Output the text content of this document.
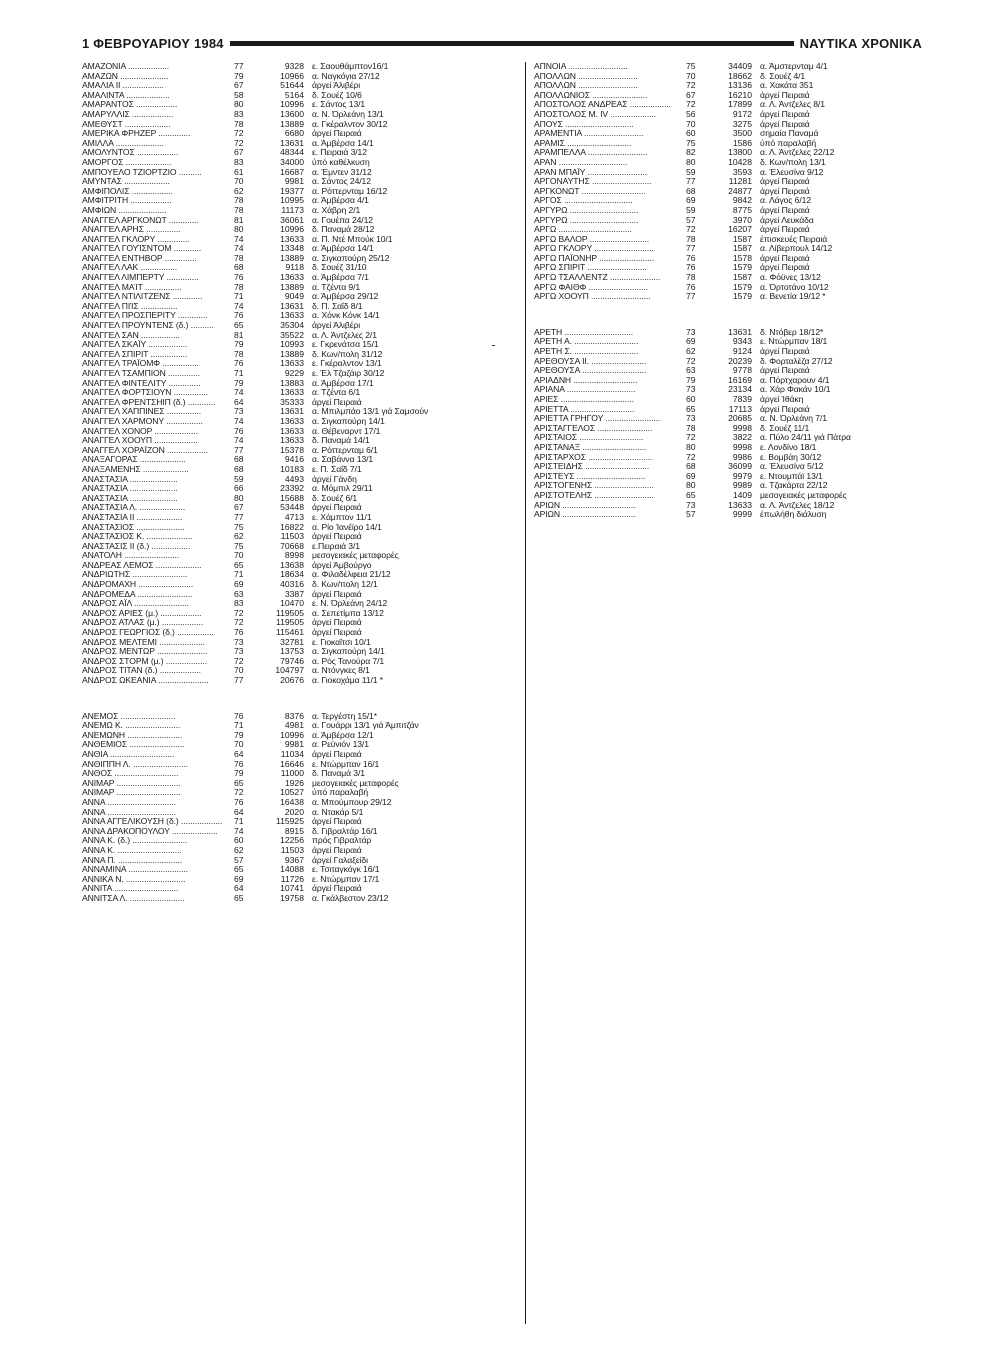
1 ΦΕΒΡΟΥΑΡΙΟΥ 1984	ΝΑΥΤΙΚΑ ΧΡΟΝΙΚΑ
ΑΜΑΖΟΝΙΑ ..................	77	9328 ε. Σαουθάμπτον16/1
ΑΜΑΖΩΝ .....................	79	10966 α. Ναγκόγια 27/12
ΑΜΑΛΙΑ ΙΙ ..................	67	51644 άργεί Άλιβέρι
ΑΜΑΛΙΝΤΑ ...................	58	5164 δ. Σουέζ 10/6
ΑΜΑΡΑΝΤΟΣ ..................	80	10996 ε. Σάντος 13/1
ΑΜΑΡΥΛΛΙΣ ..................	83	13600 α. Ν. Όρλεάνη 13/1
ΑΜΕΘΥΣΤ ....................	78	13889 α. Γκέραλντον 30/12
ΑΜΕΡΙΚΑ ΦΡΗΖΕΡ ..............	72	6680 άργεί Πειραιά
ΑΜΙΛΛΑ .....................	72	13631 α. Άμβέρσα 14/1
ΑΜΟΛΥΝΤΟΣ ..................	67	48344 ε. Πειραιά 3/12
ΑΜΟΡΓΟΣ ....................	83	34000 ύπό καθέλκυση
ΑΜΠΟΥΕΛΟ ΤΖΙΟΡΤΖΙΟ ..........	61	16687 α. Έμντεν 31/12
ΑΜΥΝΤΑΣ ....................	70	9981 α. Σάντος 24/12
ΑΜΦΙΠΟΛΙΣ ..................	62	19377 α. Ρόττερνταμ 16/12
ΑΜΦΙΤΡΙΤΗ ..................	78	10995 α. Άμβέρσα 4/1
ΑΜΦΙΩΝ .....................	78	11173 α. Χάβρη 2/1
ΑΝΑΓΓΕΛ ΑΡΓΚΟΝΩΤ .............	81	36061 α. Γουέπα 24/12
ΑΝΑΓΓΕΛ ΑΡΗΣ ...............	80	10996 δ. Παναμά 28/12
ΑΝΑΓΓΕΛ ΓΚΛΟΡΥ ..............	74	13633 α. Π. Ντέ Μπούκ 10/1
ΑΝΑΓΓΕΛ ΓΟΥΊΣΝΤΟΜ ............	74	13348 α. Άμβέρσα 14/1
ΑΝΑΓΓΕΛ ΕΝΤΗΒΟΡ ..............	78	13889 α. Σιγκαπούρη 25/12
ΑΝΑΓΓΕΛ ΛΑΚ ................	68	9118 δ. Σουέζ 31/10
ΑΝΑΓΓΕΛ ΛΙΜΠΕΡΤΥ ..............	76	13633 α. Άμβέρσα 7/1
ΑΝΑΓΓΕΛ ΜΑΊΤ ................	78	13889 α. Τζέντα 9/1
ΑΝΑΓΓΕΛ ΝΤΙΛΙΤΖΕΝΣ .............	71	9049 α. Άμβέρσα 29/12
ΑΝΑΓΓΕΛ ΠΙΊΣ ................	74	13631 δ. Π. Σαΐδ 8/1
ΑΝΑΓΓΕΛ ΠΡΟΣΠΕΡΙΤΥ .............	76	13633 α. Χόνκ Κόνκ 14/1
ΑΝΑΓΓΕΛ ΠΡΟΥΝΤΕΝΣ (δ.) ..........	65	35304 άργεί Άλιβέρι
ΑΝΑΓΓΕΛ ΣΑΝ .................	81	35522 α. Λ. Άντζελες 2/1
ΑΝΑΓΓΕΛ ΣΚΑΪΥ .................	79	10993 ε. Γκρενάτσα 15/1
ΑΝΑΓΓΕΛ ΣΠΙΡΙΤ ................	78	13889 δ. Κων/πολη 31/12
ΑΝΑΓΓΕΛ ΤΡΑΪΟΜΦ ................	76	13633 ε. Γκέραλντον 13/1
ΑΝΑΓΓΕΛ ΤΣΑΜΠΙΟΝ ..............	71	9229 ε. Έλ Τζαζάιρ 30/12
ΑΝΑΓΓΕΛ ΦΙΝΤΕΛΙΤΥ ..............	79	13883 α. Άμβέρσα 17/1
ΑΝΑΓΓΕΛ ΦΟΡΤΣΙΟΥΝ ...............	74	13633 α. Τζέντα 6/1
ΑΝΑΓΓΕΛ ΦΡΕΝΤΣΗΙΠ (δ.) ............	64	35333 άργεί Πειραιά
ΑΝΑΓΓΕΛ ΧΑΠΠΙΝΕΣ ...............	73	13631 α. Μπιλμπάο 13/1 γιά Σαμσούν
ΑΝΑΓΓΕΛ ΧΑΡΜΟΝΥ ................	74	13633 α. Σιγκαπούρη 14/1
ΑΝΑΓΓΕΛ ΧΟΝΟΡ ...................	76	13633 α. Θέβεναρντ 17/1
ΑΝΑΓΓΕΛ ΧΟΟΥΠ ...................	74	13633 δ. Παναμά 14/1
ΑΝΑΓΓΕΛ ΧΟΡΑΪΖΟΝ ..................	77	15378 α. Ρόττερνταμ 6/1
ΑΝΑΞΑΓΟΡΑΣ ....................	68	9416 α. Σαβάννα 13/1
ΑΝΑΞΑΜΕΝΗΣ ....................	68	10183 ε. Π. Σαΐδ 7/1
ΑΝΑΣΤΑΣΙΑ .....................	59	4493 άργεί Γάνδη
ΑΝΑΣΤΑΣΙΑ .....................	66	23392 α. Μόμπιλ 29/11
ΑΝΑΣΤΑΣΙΑ .....................	80	15688 δ. Σουέζ 6/1
ΑΝΑΣΤΑΣΙΑ Λ. ....................	67	53448 άργεί Πειραιά
ΑΝΑΣΤΑΣΙΑ ΙΙ ....................	77	4713 ε. Χάμπτον 11/1
ΑΝΑΣΤΑΣΙΟΣ .....................	75	16822 α. Ρίο Ίανέϊρο 14/1
ΑΝΑΣΤΑΣΙΟΣ Κ. ....................	62	11503 άργεί Πειραιά
ΑΝΑΣΤΑΣΙΣ ΙΙ (δ.) .................	75	70668 ε.Πειραιά 3/1
ΑΝΑΤΟΛΗ ........................	70	8998 μεσογειακές μεταφορές
ΑΝΔΡΕΑΣ ΛΕΜΟΣ ....................	65	13638 άργεί Άμβούργο
ΑΝΔΡΙΩΤΗΣ ........................	71	18634 α. Φιλαδέλφεια 21/12
ΑΝΔΡΟΜΑΧΗ ........................	69	40316 δ. Κων/πολη 12/1
ΑΝΔΡΟΜΕΔΑ ........................	63	3387 άργεί Πειραιά
ΑΝΔΡΟΣ ΑΪΛ ........................	83	10470 ε. Ν. Όρλεάνη 24/12
ΑΝΔΡΟΣ ΑΡΙΕΣ (μ.) ..................	72	119505 α. Σεπετίμπα 13/12
ΑΝΔΡΟΣ ΑΤΛΑΣ (μ.) ..................	72	119505 άργεί Πειραιά
ΑΝΔΡΟΣ ΓΕΩΡΓΙΟΣ (δ.) ................	76	115461 άργεί Πειραιά
ΑΝΔΡΟΣ ΜΕΛΤΕΜΙ ....................	73	32781 ε. Γιοκαΐτσι 10/1
ΑΝΔΡΟΣ ΜΕΝΤΩΡ ......................	73	13753 α. Σιγκαπούρη 14/1
ΑΝΔΡΟΣ ΣΤΟΡΜ (μ.) ..................	72	79746 α. Ρός Τανούρα 7/1
ΑΝΔΡΟΣ ΤΙΤΑΝ (δ.) ..................	70	104797 α. Ντόνγκες 8/1
ΑΝΔΡΟΣ ΩΚΕΑΝΙΑ ......................	77	20676 α. Γιοκοχάμα 11/1 *
ΑΝΕΜΟΣ ........................	76	8376 α. Τεργέστη 15/1*
ΑΝΕΜΩ Κ. ........................	71	4981 α. Γουάρρι 13/1 γιά Άμπιτζάν
ΑΝΕΜΩΝΗ ........................	79	10996 α. Άμβέρσα 12/1
ΑΝΘΕΜΙΟΣ ........................	70	9981 α. Ρεϋνιόν 13/1
ΑΝΘΙΑ ............................	64	11034 άργεί Πειραιά
ΑΝΘΙΠΠΗ Λ. ........................	76	16646 ε. Ντώρμπαν 16/1
ΑΝΘΟΣ ............................	79	11000 δ. Παναμά 3/1
ΑΝΙΜΑΡ ............................	65	1926 μεσογειακές μεταφορές
ΑΝΙΜΑΡ ............................	72	10527 ύπό παραλαβή
ΑΝΝΑ ..............................	76	16438 α. Μπούμπουρ 29/12
ΑΝΝΑ ..............................	64	2020 α. Ντακάρ 5/1
ΑΝΝΑ ΑΓΓΕΛΙΚΟΥΣΗ (δ.) ..................	71	115925 άργεί Πειραιά
ΑΝΝΑ ΔΡΑΚΟΠΟΥΛΟΥ ....................	74	8915 δ. Γιβραλτάρ 16/1
ΑΝΝΑ Κ. (δ.) ........................	60	12256 πρός Γιβραλτάρ
ΑΝΝΑ Κ. ............................	62	11503 άργεί Πειραιά
ΑΝΝΑ Π. ............................	57	9367 άργεί Γαλαξείδι
ΑΝΝΑΜΙΝΑ ..........................	65	14088 ε. Τσιταγκόγκ 16/1
ΑΝΝΙΚΑ Ν. ..........................	69	11726 ε. Ντώρμπαν 17/1
ΑΝΝΙΤΑ ............................	64	10741 άργεί Πειραιά
ΑΝΝΙΤΣΑ Λ. ........................	65	19758 α. Γκάλβεστον 23/12
ΑΠΝΟΙΑ ..........................	75	34409 α. Άμστερνταμ 4/1
ΑΠΟΛΛΩΝ ..........................	70	18662 δ. Σουέζ 4/1
ΑΠΟΛΛΩΝ ..........................	72	13136 α. Χακάτα 351
ΑΠΟΛΛΩΝΙΟΣ ........................	67	16210 άργεί Πειραιά
ΑΠΟΣΤΟΛΟΣ ΑΝΔΡΕΑΣ ..................	72	17899 α. Λ. Άντζελες 8/1
ΑΠΟΣΤΟΛΟΣ Μ. ΙV ....................	56	9172 άργεί Πειραιά
ΑΠΟΥΣ ..............................	70	3275 άργεί Πειραιά
ΑΡΑΜΕΝΤΙΑ ..........................	60	3500 σημαία Παναμά
ΑΡΑΜΙΣ ............................	75	1586 ύπό παραλαβή
ΑΡΑΜΠΕΛΛΑ ..........................	82	13800 α. Λ. Άντζελες 22/12
ΑΡΑΝ ..............................	80	10428 δ. Κων/πολη 13/1
ΑΡΑΝ ΜΠΑΪΥ ..........................	59	3593 α. Έλευσίνα 9/12
ΑΡΓΟΝΑΥΤΗΣ ..........................	77	11281 άργεί Πειραιά
ΑΡΓΚΟΝΩΤ ............................	68	24877 άργεί Πειραιά
ΑΡΓΟΣ ..............................	69	9842 α. Λάγος 6/12
ΑΡΓΥΡΩ ..............................	59	8775 άργεί Πειραιά
ΑΡΓΥΡΩ ..............................	57	3970 άργεί Λευκάδα
ΑΡΓΩ ................................	72	16207 άργεί Πειραιά
ΑΡΓΩ ΒΑΛΟΡ ..........................	78	1587 έπισκευές Πειραιά
ΑΡΓΩ ΓΚΛΟΡΥ ..........................	77	1587 α. Λίβερπουλ 14/12
ΑΡΓΩ ΠΑΪΟΝΗΡ ........................	76	1578 άργεί Πειραιά
ΑΡΓΩ ΣΠΙΡΙΤ ..........................	76	1579 άργεί Πειραιά
ΑΡΓΩ ΤΣΑΛΛΕΝΤΖ ......................	78	1587 α. Φόϋνες 13/12
ΑΡΓΩ ΦΑΙΘΦ ..........................	76	1579 α. Όρτοτάνο 10/12
ΑΡΓΩ ΧΟΟΥΠ ..........................	77	1579 α. Βενετία 19/12 *
ΑΡΕΤΗ ..............................	73	13631 δ. Ντόβερ 18/12*
ΑΡΕΤΗ Α. ............................	69	9343 ε. Ντώρμπαν 18/1
ΑΡΕΤΗ Σ. ............................	62	9124 άργεί Πειραιά
ΑΡΕΘΟΥΣΑ ΙΙ. ........................	72	20239 δ. Φορταλέζα 27/12
ΑΡΕΘΟΥΣΑ ............................	63	9778 άργεί Πειραιά
ΑΡΙΑΔΝΗ ............................	79	16169 α. Πόρτχαρουν 4/1
ΑΡΙΑΝΑ ..............................	73	23134 α. Χάρ Φακάν 10/1
ΑΡΙΕΣ ................................	60	7839 άργεί Ίθάκη
ΑΡΙΕΤΤΑ ............................	65	17113 άργεί Πειραιά
ΑΡΙΕΤΤΑ ΓΡΗΓΟΥ ........................	73	20685 α. Ν. Όρλεάνη 7/1
ΑΡΙΣΤΑΓΓΕΛΟΣ ........................	78	9998 δ. Σουέζ 11/1
ΑΡΙΣΤΑΙΟΣ ............................	72	3822 α. Πύλο 24/11 γιά Πάτρα
ΑΡΙΣΤΑΝΑΞ ............................	80	9998 ε. Λονδίνο 18/1
ΑΡΙΣΤΑΡΧΟΣ ............................	72	9986 ε. Βομβάη 30/12
ΑΡΙΣΤΕΙΔΗΣ ............................	68	36099 α. Έλευσίνα 5/12
ΑΡΙΣΤΕΥΣ ..............................	69	9979 ε. Ντουμπάϊ 13/1
ΑΡΙΣΤΟΓΕΝΗΣ ..........................	80	9989 α. Τζακάρτα 22/12
ΑΡΙΣΤΟΤΕΛΗΣ ..........................	65	1409 μεσογειακές μεταφορές
ΑΡΙΩΝ ................................	73	13633 α. Λ. Άντζελες 18/12
ΑΡΙΩΝ ................................	57	9999 έπωλήθη διάλυση
